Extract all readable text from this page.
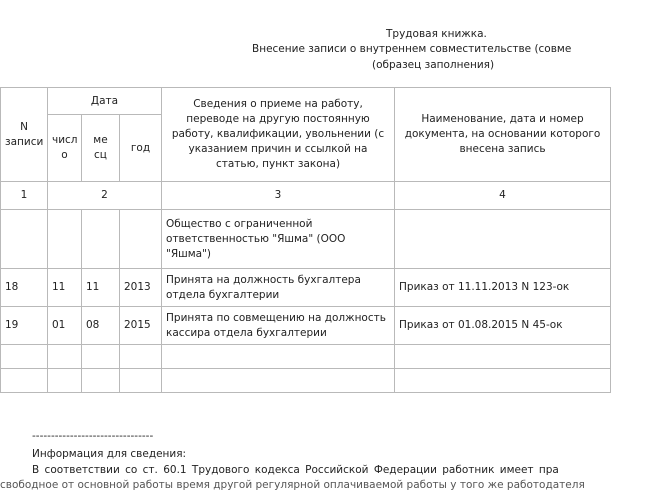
Трудовая книжка.
Внесение записи о внутреннем совместительстве (совме
(образец заполнения)
N
записи	Дата			Сведения о приеме на работу, переводе на другую постоянную работу, квалификации, увольнении (с указанием причин и ссылкой на статью, пункт закона)	Наименование, дата и номер документа, на основании которого внесена запись
	числ о	ме сц	год		
1	2			3	4
				Общество с ограниченной ответственностью "Яшма" (ООО "Яшма")	
18	11	11	2013	Принята на должность бухгалтера отдела бухгалтерии	Приказ от 11.11.2013 N 123-ок
19	01	08	2015	Принята по совмещению на должность кассира отдела бухгалтерии	Приказ от 01.08.2015 N 45-ок

--------------------------------
Информация для сведения:
В соответствии со ст. 60.1 Трудового кодекса Российской Федерации работник имеет пра
свободное от основной работы время другой регулярной оплачиваемой работы у того же работодателя
